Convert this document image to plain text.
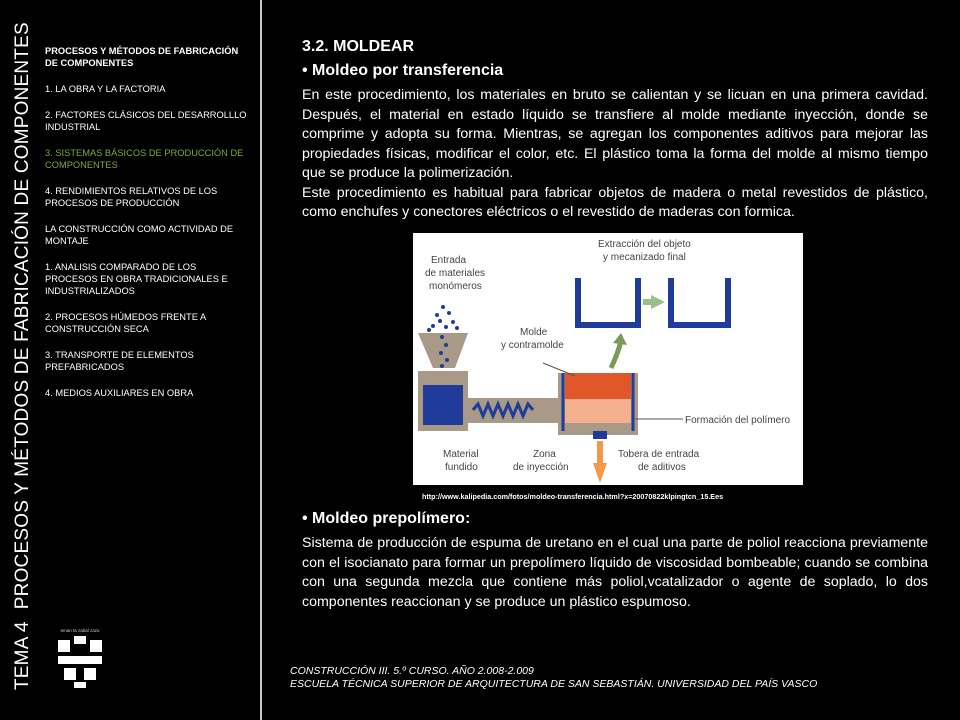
TEMA 4PROCESOS Y MÉTODOS DE FABRICACIÓN DE COMPONENTES	PROCESOS Y MÉTODOS DE FABRICACIÓN DE COMPONENTES
1. LA OBRA Y LA FACTORIA
2. FACTORES CLÁSICOS DEL DESARROLLLO INDUSTRIAL
3. SISTEMAS BÁSICOS DE PRODUCCIÓN DE COMPONENTES
4. RENDIMIENTOS RELATIVOS DE LOS PROCESOS DE PRODUCCIÓN
LA CONSTRUCCIÓN COMO ACTIVIDAD DE MONTAJE
1. ANALISIS COMPARADO DE LOS PROCESOS EN OBRA TRADICIONALES E INDUSTRIALIZADOS
2. PROCESOS HÚMEDOS FRENTE A CONSTRUCCIÓN SECA
3. TRANSPORTE DE ELEMENTOS PREFABRICADOS
4. MEDIOS AUXILIARES EN OBRA
eman ta zabal zazu
3.2. MOLDEAR
• Moldeo por transferencia

En este procedimiento, los materiales en bruto se calientan y se licuan en una primera cavidad. Después, el material en estado líquido se transfiere al molde mediante inyección, donde se comprime y adopta su forma. Mientras, se agregan los componentes aditivos para mejorar las propiedades físicas, modificar el color, etc. El plástico toma la forma del molde al mismo tiempo que se produce la polimerización.

Este procedimiento es habitual para fabricar objetos de madera o metal revestidos de plástico, como enchufes y conectores eléctricos o el revestido de maderas con formica.

Entrada
de materiales
monómeros
Extracción del objeto
y mecanizado final
Molde
y contramolde
Formación del polímero
Material
fundido
Zona
de inyección
Tobera de entrada
de aditivos
http://www.kalipedia.com/fotos/moldeo-transferencia.html?x=20070822klpingtcn_15.Ees
• Moldeo prepolímero:

Sistema de producción de espuma de uretano en el cual una parte de poliol reacciona previamente con el isocianato para formar un prepolímero líquido de viscosidad bombeable; cuando se combina con una segunda mezcla que contiene más poliol,vcatalizador o agente de soplado, lo dos componentes reaccionan y se produce un plástico espumoso.

CONSTRUCCIÓN III. 5.º CURSO. AÑO 2.008-2.009
ESCUELA TÉCNICA SUPERIOR DE ARQUITECTURA DE SAN SEBASTIÁN. UNIVERSIDAD DEL PAÍS VASCO
